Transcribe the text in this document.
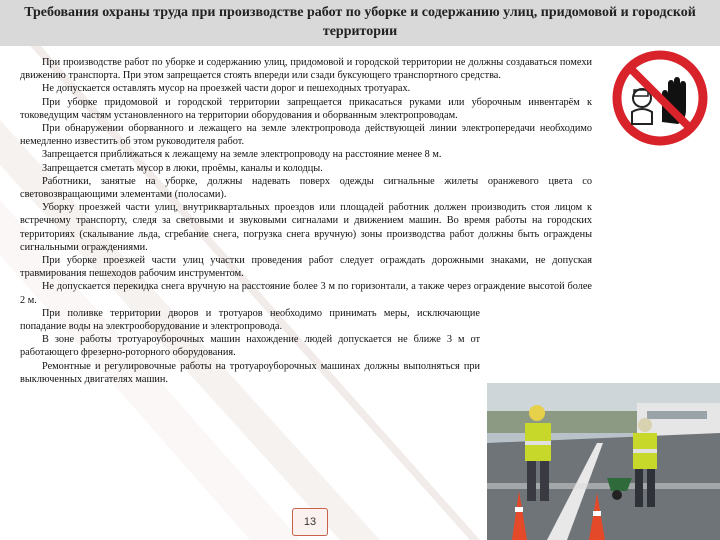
Требования охраны труда при производстве работ по уборке и содержанию улиц, придомовой и городской территории

При производстве работ по уборке и содержанию улиц, придомовой и городской территории не должны создаваться помехи движению транспорта. При этом запрещается стоять впереди или сзади буксующего транспортного средства.

Не допускается оставлять мусор на проезжей части дорог и пешеходных тротуарах.

При уборке придомовой и городской территории запрещается прикасаться руками или уборочным инвентарём к токоведущим частям установленного на территории оборудования и оборванным электропроводам.

При обнаружении оборванного и лежащего на земле электропровода действующей линии электропередачи необходимо немедленно известить об этом руководителя работ.

Запрещается приближаться к лежащему на земле электропроводу на расстояние менее 8 м.

Запрещается сметать мусор в люки, проёмы, каналы и колодцы.

Работники, занятые на уборке, должны надевать поверх одежды сигнальные жилеты оранжевого цвета со световозвращающими элементами (полосами).

Уборку проезжей части улиц, внутриквартальных проездов или площадей работник должен производить стоя лицом к встречному транспорту, следя за световыми и звуковыми сигналами и движением машин. Во время работы на городских территориях (скалывание льда, сгребание снега, погрузка снега вручную) зоны производства работ должны быть ограждены сигнальными ограждениями.

При уборке проезжей части улиц участки проведения работ следует ограждать дорожными знаками, не допуская травмирования пешеходов рабочим инструментом.

Не допускается перекидка снега вручную на расстояние более 3 м по горизонтали, а также через ограждение высотой более 2 м.

При поливке территории дворов и тротуаров необходимо принимать меры, исключающие попадание воды на электрооборудование и электропровода.

В зоне работы тротуароуборочных машин нахождение людей допускается не ближе 3 м от работающего фрезерно-роторного оборудования.

Ремонтные и регулировочные работы на тротуароуборочных машинах должны выполняться при выключенных двигателях машин.

13
